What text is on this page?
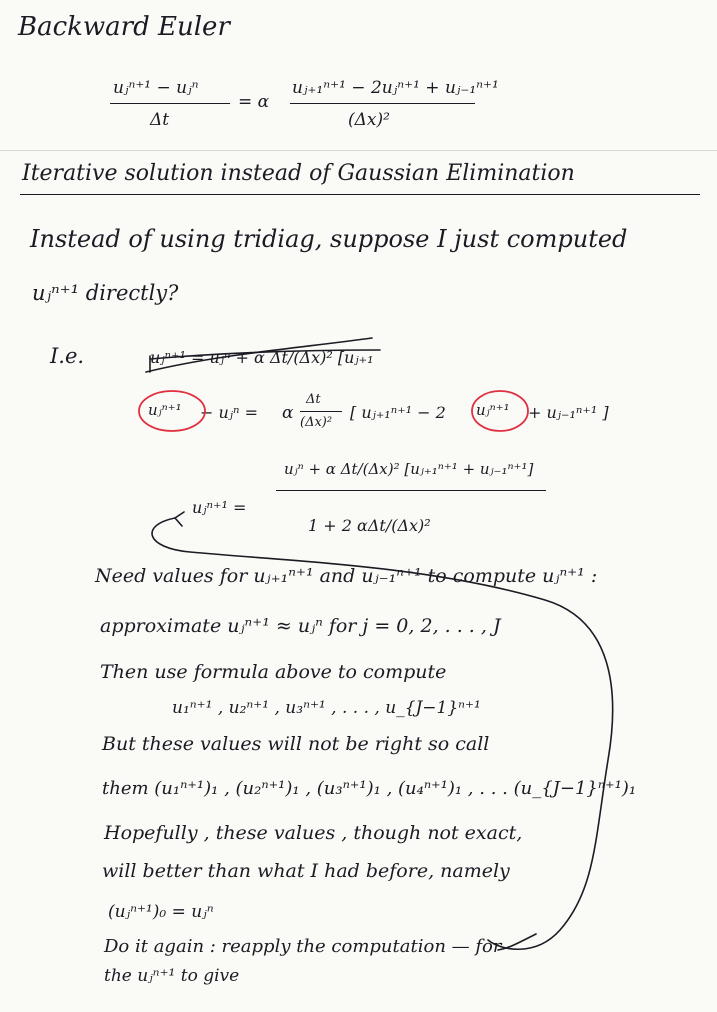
Backward Euler
uⱼⁿ⁺¹ − uⱼⁿ
Δt
= α
uⱼ₊₁ⁿ⁺¹ − 2uⱼⁿ⁺¹ + uⱼ₋₁ⁿ⁺¹
(Δx)²
Iterative solution instead of Gaussian Elimination
Instead of using tridiag, suppose I just computed
uⱼⁿ⁺¹ directly?
I.e.	uⱼⁿ⁺¹ = uⱼⁿ + α Δt/(Δx)² [uⱼ₊₁
uⱼⁿ⁺¹ − uⱼⁿ = α
Δt
(Δx)²
[ uⱼ₊₁ⁿ⁺¹ − 2 uⱼⁿ⁺¹ + uⱼ₋₁ⁿ⁺¹ ]
uⱼⁿ⁺¹ =
uⱼⁿ + α Δt/(Δx)² [uⱼ₊₁ⁿ⁺¹ + uⱼ₋₁ⁿ⁺¹]
1 + 2 αΔt/(Δx)²
Need values for uⱼ₊₁ⁿ⁺¹ and uⱼ₋₁ⁿ⁺¹ to compute uⱼⁿ⁺¹ :
approximate uⱼⁿ⁺¹ ≈ uⱼⁿ for j = 0, 2, . . . , J
Then use formula above to compute
u₁ⁿ⁺¹ , u₂ⁿ⁺¹ , u₃ⁿ⁺¹ , . . . , u_{J−1}ⁿ⁺¹
But these values will not be right so call
them (u₁ⁿ⁺¹)₁ , (u₂ⁿ⁺¹)₁ , (u₃ⁿ⁺¹)₁ , (u₄ⁿ⁺¹)₁ , . . . (u_{J−1}ⁿ⁺¹)₁
Hopefully , these values , though not exact,
will better than what I had before, namely
(uⱼⁿ⁺¹)₀ = uⱼⁿ
Do it again : reapply the computation — for
the uⱼⁿ⁺¹ to give
